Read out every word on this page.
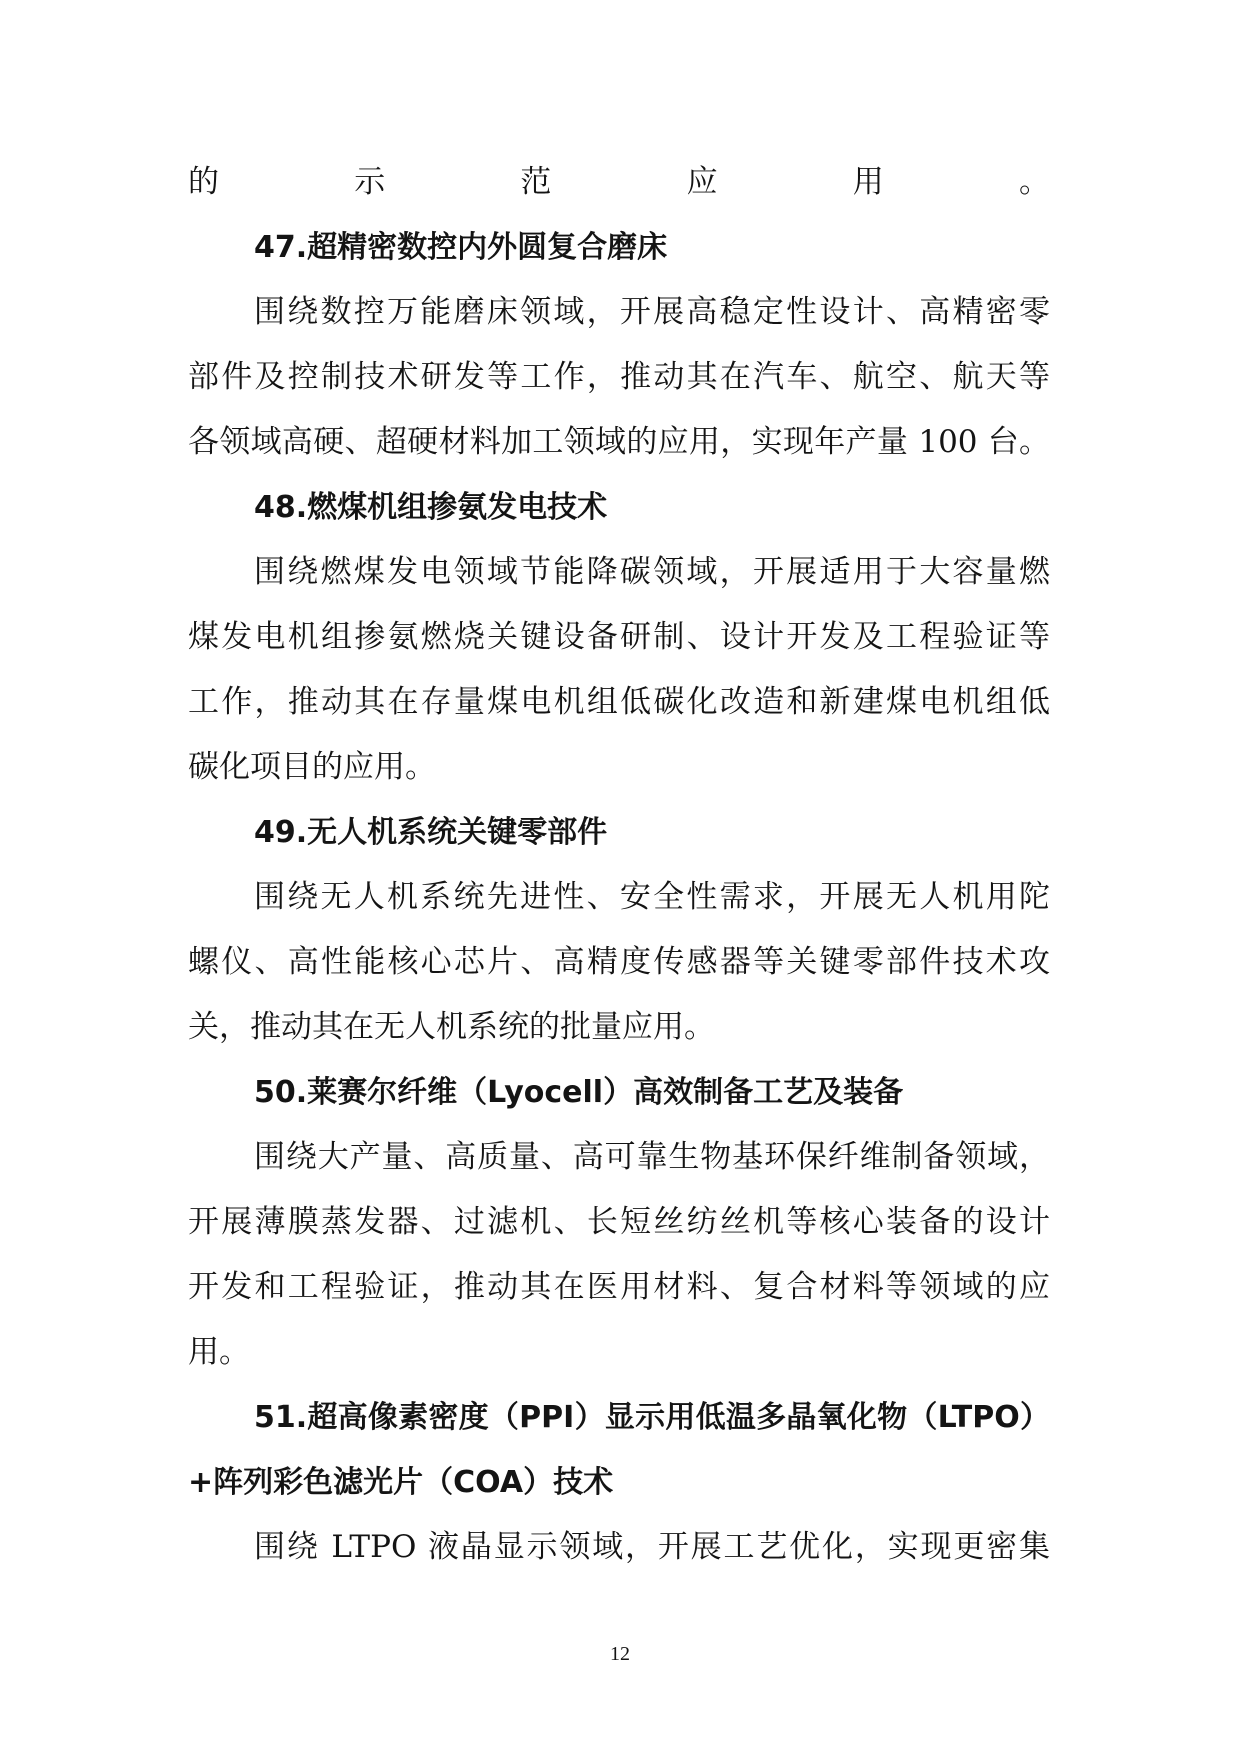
的示范应用。
47.超精密数控内外圆复合磨床
围绕数控万能磨床领域，开展高稳定性设计、高精密零
部件及控制技术研发等工作，推动其在汽车、航空、航天等
各领域高硬、超硬材料加工领域的应用，实现年产量 100 台。
48.燃煤机组掺氨发电技术
围绕燃煤发电领域节能降碳领域，开展适用于大容量燃
煤发电机组掺氨燃烧关键设备研制、设计开发及工程验证等
工作，推动其在存量煤电机组低碳化改造和新建煤电机组低
碳化项目的应用。
49.无人机系统关键零部件
围绕无人机系统先进性、安全性需求，开展无人机用陀
螺仪、高性能核心芯片、高精度传感器等关键零部件技术攻
关，推动其在无人机系统的批量应用。
50.莱赛尔纤维（Lyocell）高效制备工艺及装备
围绕大产量、高质量、高可靠生物基环保纤维制备领域，
开展薄膜蒸发器、过滤机、长短丝纺丝机等核心装备的设计
开发和工程验证，推动其在医用材料、复合材料等领域的应
用。
51.超高像素密度（PPI）显示用低温多晶氧化物（LTPO）
+阵列彩色滤光片（COA）技术
围绕 LTPO 液晶显示领域，开展工艺优化，实现更密集
12
